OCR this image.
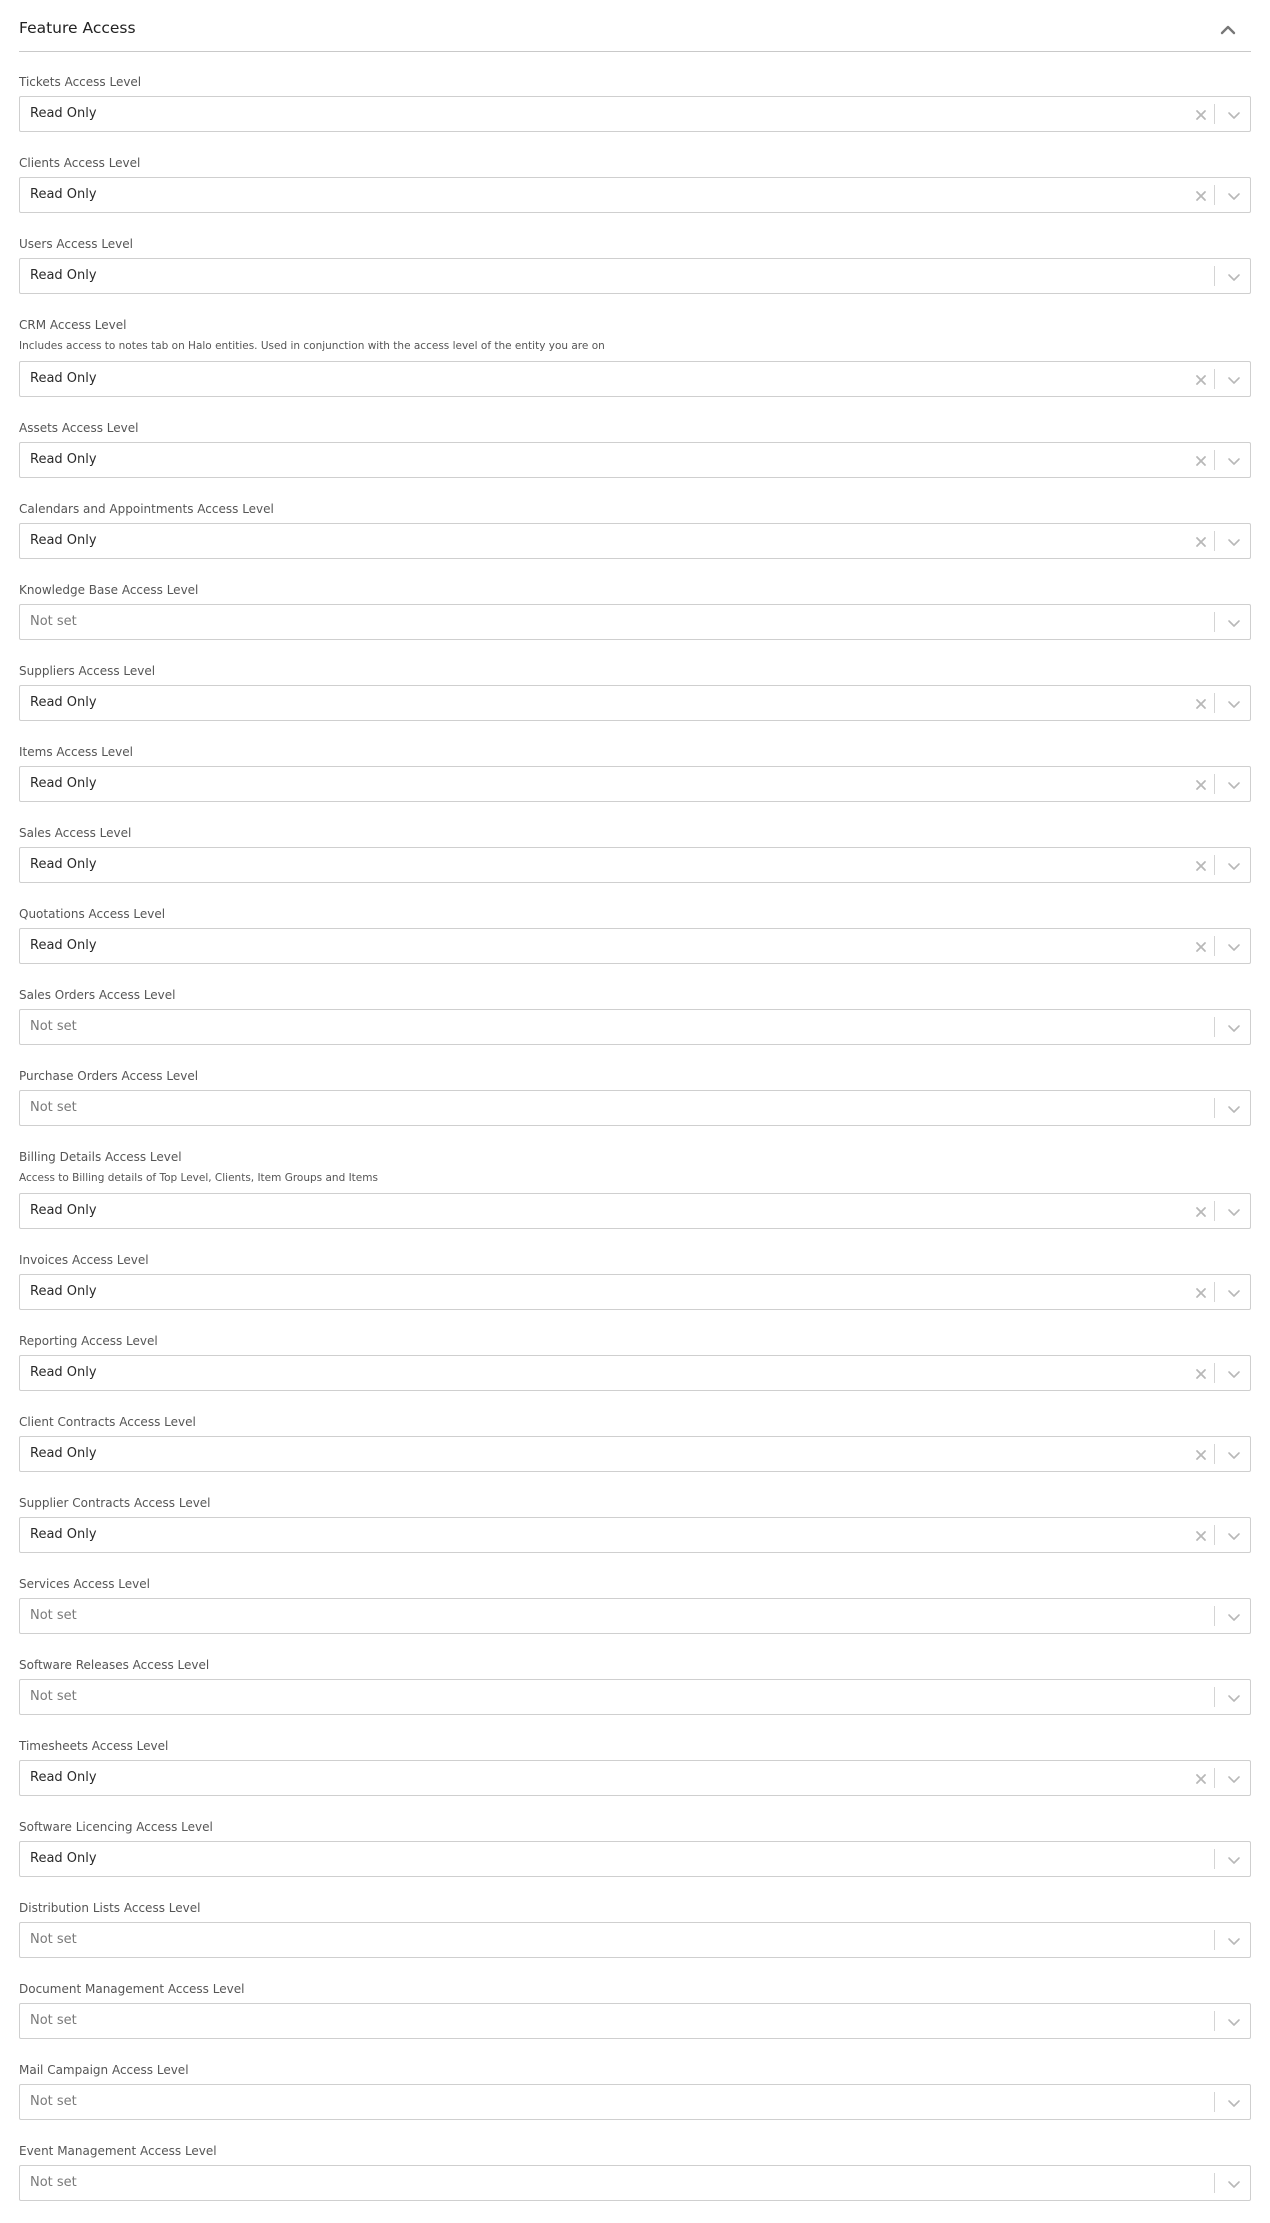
Feature Access
Tickets Access Level
Read Only
Clients Access Level
Read Only
Users Access Level
Read Only
CRM Access Level
Includes access to notes tab on Halo entities. Used in conjunction with the access level of the entity you are on
Read Only
Assets Access Level
Read Only
Calendars and Appointments Access Level
Read Only
Knowledge Base Access Level
Not set
Suppliers Access Level
Read Only
Items Access Level
Read Only
Sales Access Level
Read Only
Quotations Access Level
Read Only
Sales Orders Access Level
Not set
Purchase Orders Access Level
Not set
Billing Details Access Level
Access to Billing details of Top Level, Clients, Item Groups and Items
Read Only
Invoices Access Level
Read Only
Reporting Access Level
Read Only
Client Contracts Access Level
Read Only
Supplier Contracts Access Level
Read Only
Services Access Level
Not set
Software Releases Access Level
Not set
Timesheets Access Level
Read Only
Software Licencing Access Level
Read Only
Distribution Lists Access Level
Not set
Document Management Access Level
Not set
Mail Campaign Access Level
Not set
Event Management Access Level
Not set
